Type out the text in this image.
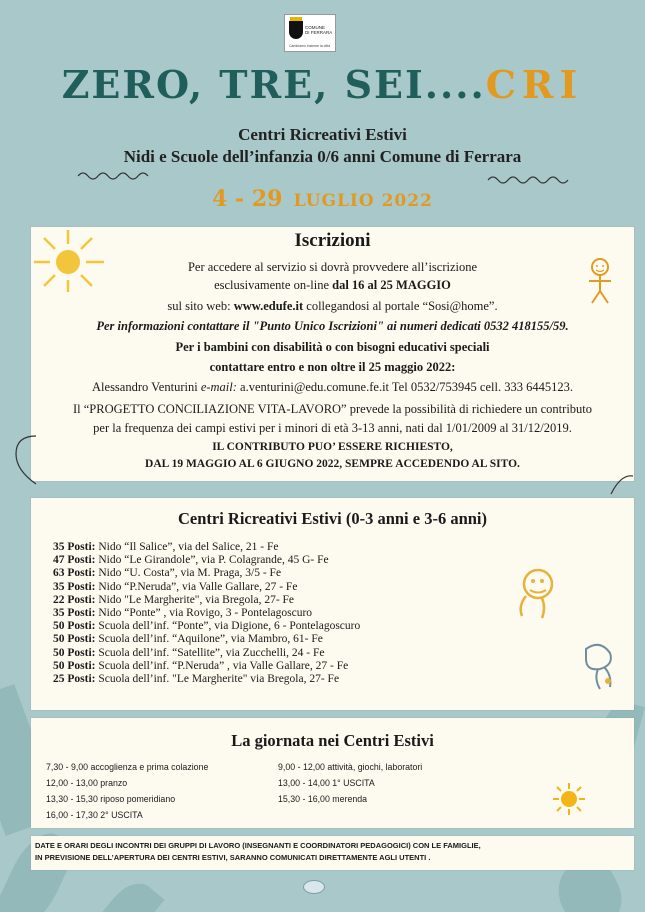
COMUNE
DI FERRARA
Cambiamo insieme la città
ZERO, TRE, SEI....CRI
Centri Ricreativi Estivi
Nidi e Scuole dell’infanzia 0/6 anni Comune di Ferrara
4 - 29 LUGLIO 2022
Iscrizioni
Per accedere al servizio si dovrà provvedere all’iscrizione
esclusivamente on-line dal 16 al 25 MAGGIO
sul sito web: www.edufe.it collegandosi al portale “Sosi@home”.
Per informazioni contattare il "Punto Unico Iscrizioni" ai numeri dedicati 0532 418155/59.
Per i bambini con disabilità o con bisogni educativi speciali
contattare entro e non oltre il 25 maggio 2022:
Alessandro Venturini e-mail: a.venturini@edu.comune.fe.it Tel 0532/753945 cell. 333 6445123.
Il “PROGETTO CONCILIAZIONE VITA-LAVORO” prevede la possibilità di richiedere un contributo
per la frequenza dei campi estivi per i minori di età 3-13 anni, nati dal 1/01/2009 al 31/12/2019.
IL CONTRIBUTO PUO’ ESSERE RICHIESTO,
DAL 19 MAGGIO AL 6 GIUGNO 2022, SEMPRE ACCEDENDO AL SITO.
Centri Ricreativi Estivi (0-3 anni e 3-6 anni)
35 Posti: Nido “Il Salice”, via del Salice, 21 - Fe
47 Posti: Nido “Le Girandole”, via P. Colagrande, 45 G- Fe
63 Posti: Nido “U. Costa”, via M. Praga, 3/5 - Fe
35 Posti: Nido “P.Neruda”, via Valle Gallare, 27 - Fe
22 Posti: Nido "Le Margherite", via Bregola, 27- Fe
35 Posti: Nido “Ponte” , via Rovigo, 3 - Pontelagoscuro
50 Posti: Scuola dell’inf. “Ponte”, via Digione, 6 - Pontelagoscuro
50 Posti: Scuola dell’inf. “Aquilone”, via Mambro, 61- Fe
50 Posti: Scuola dell’inf. “Satellite”, via Zucchelli, 24 - Fe
50 Posti: Scuola dell’inf. “P.Neruda” , via Valle Gallare, 27 - Fe
25 Posti: Scuola dell’inf. "Le Margherite" via Bregola, 27- Fe
La giornata nei Centri Estivi
7,30 - 9,00 accoglienza e prima colazione
12,00 - 13,00 pranzo
13,30 - 15,30 riposo pomeridiano
16,00 - 17,30 2° USCITA
9,00 - 12,00 attività, giochi, laboratori
13,00 - 14,00 1° USCITA
15,30 - 16,00 merenda
DATE E ORARI DEGLI INCONTRI DEI GRUPPI DI LAVORO (INSEGNANTI E COORDINATORI PEDAGOGICI) CON LE FAMIGLIE,
IN PREVISIONE DELL’APERTURA DEI CENTRI ESTIVI, SARANNO COMUNICATI DIRETTAMENTE AGLI UTENTI .
